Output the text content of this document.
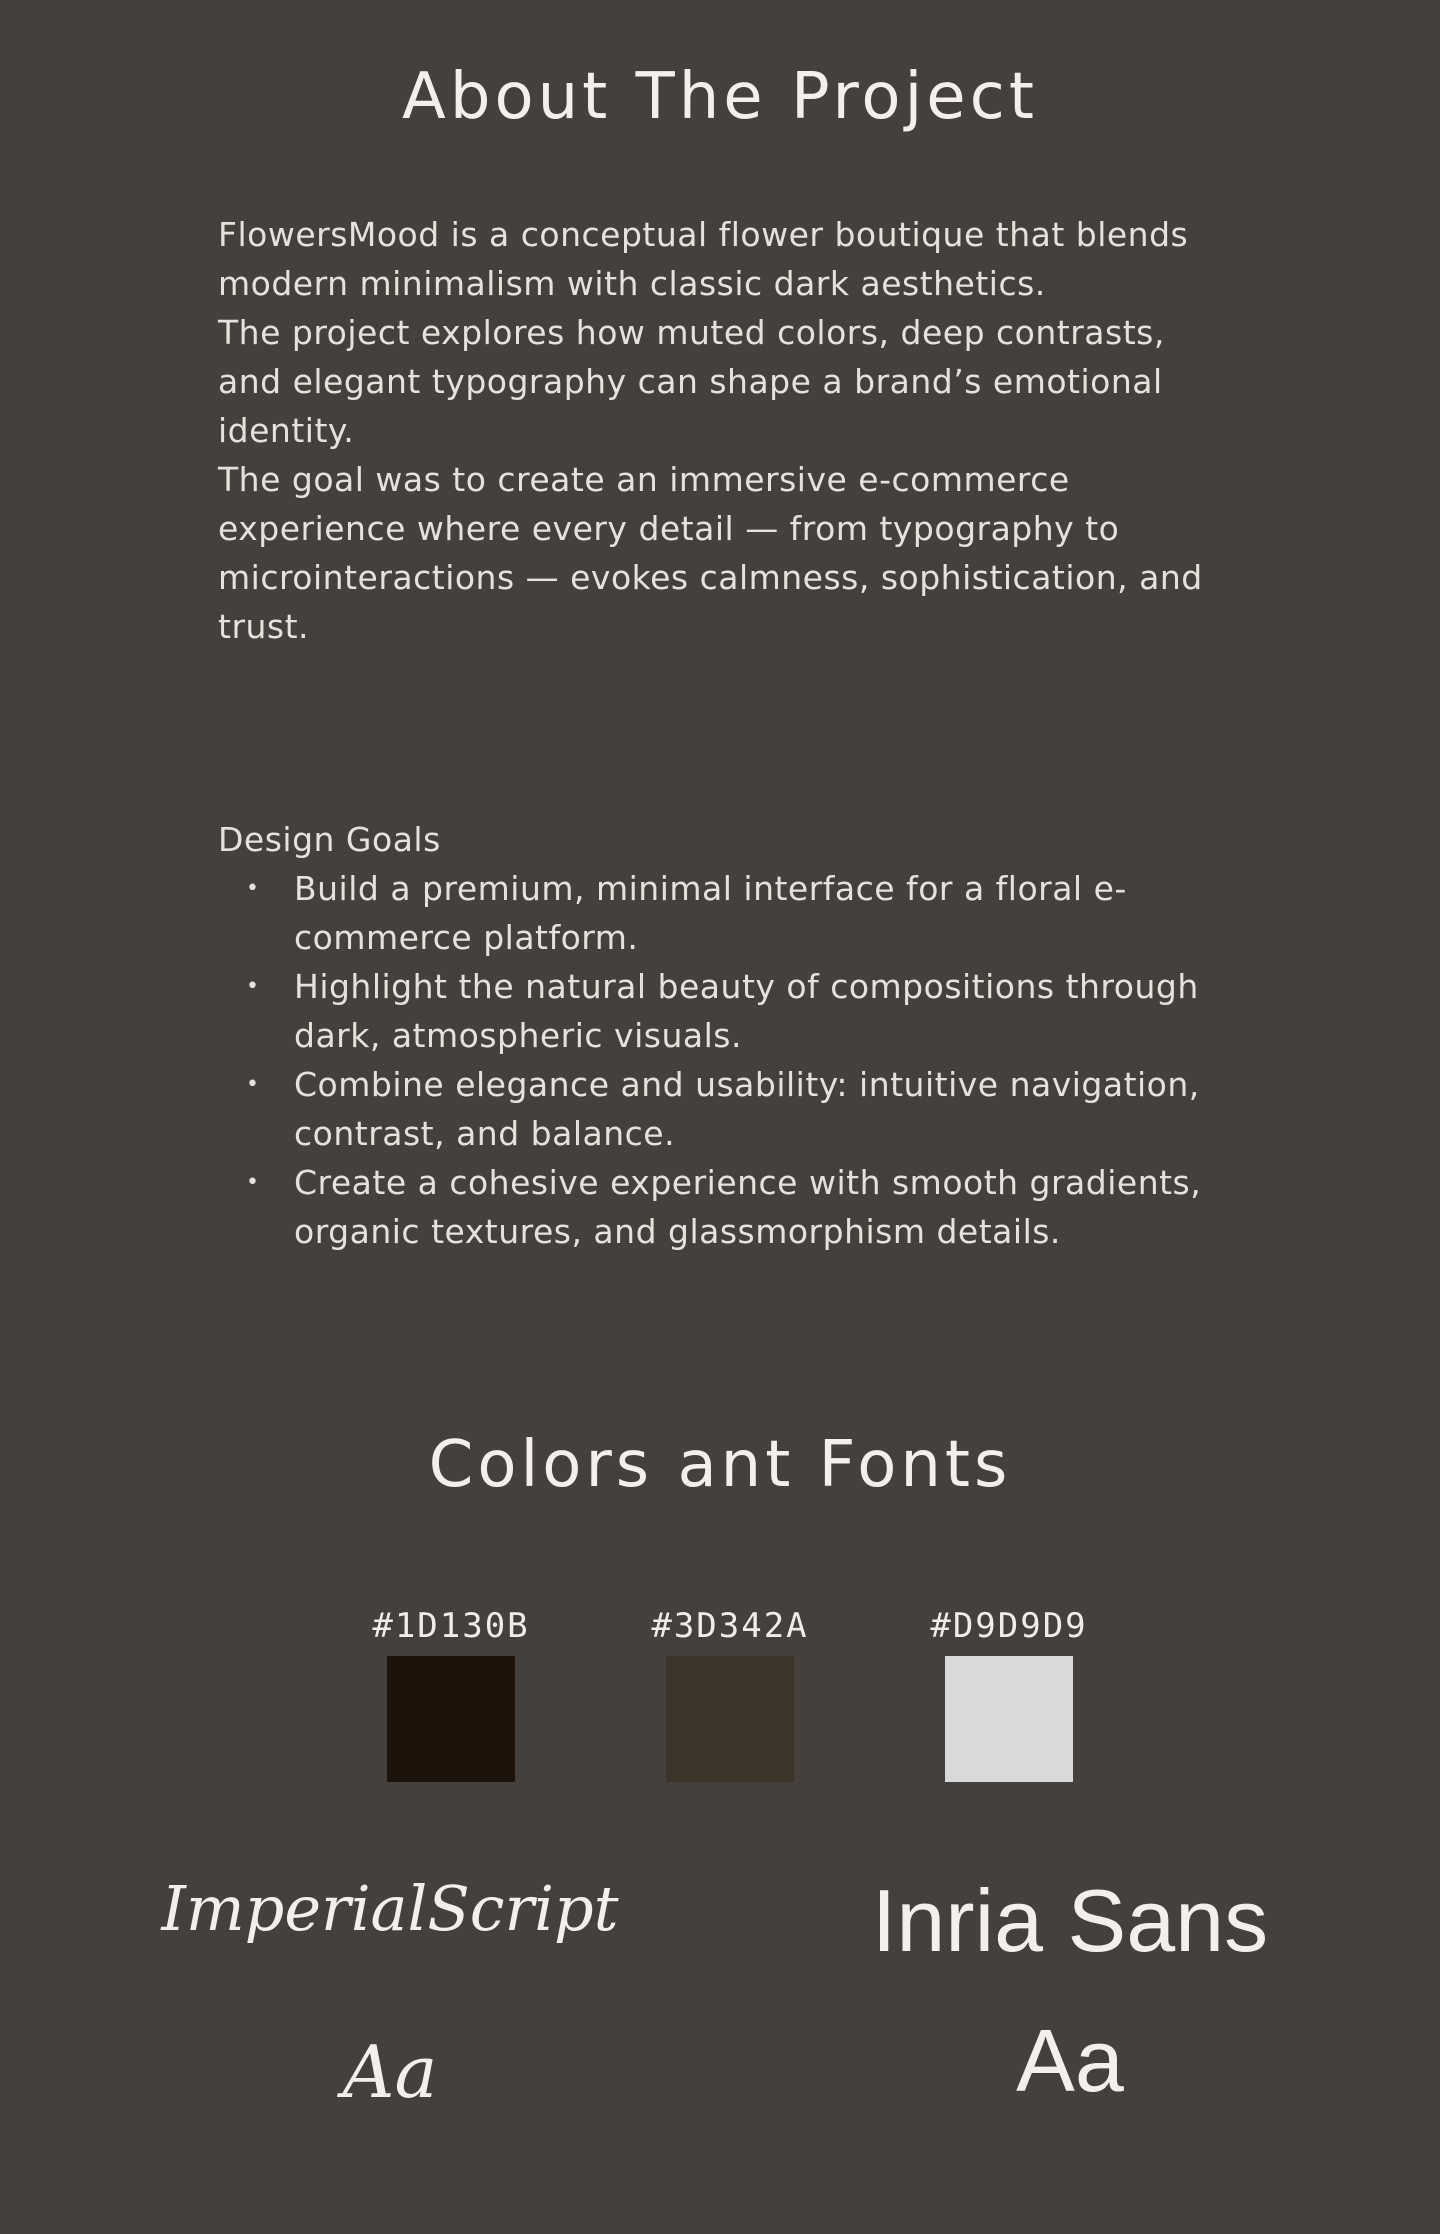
About The Project

FlowersMood is a conceptual flower boutique that blends modern minimalism with classic dark aesthetics.

The project explores how muted colors, deep contrasts, and elegant typography can shape a brand’s emotional identity.

The goal was to create an immersive e-commerce experience where every detail — from typography to microinteractions — evokes calmness, sophistication, and trust.

Design Goals

• Build a premium, minimal interface for a floral e-commerce platform.
• Highlight the natural beauty of compositions through dark, atmospheric visuals.
• Combine elegance and usability: intuitive navigation, contrast, and balance.
• Create a cohesive experience with smooth gradients, organic textures, and glassmorphism details.
Colors ant Fonts
#1D130B	#3D342A	#D9D9D9
ImperialScript
Aa
Inria Sans
Aa
